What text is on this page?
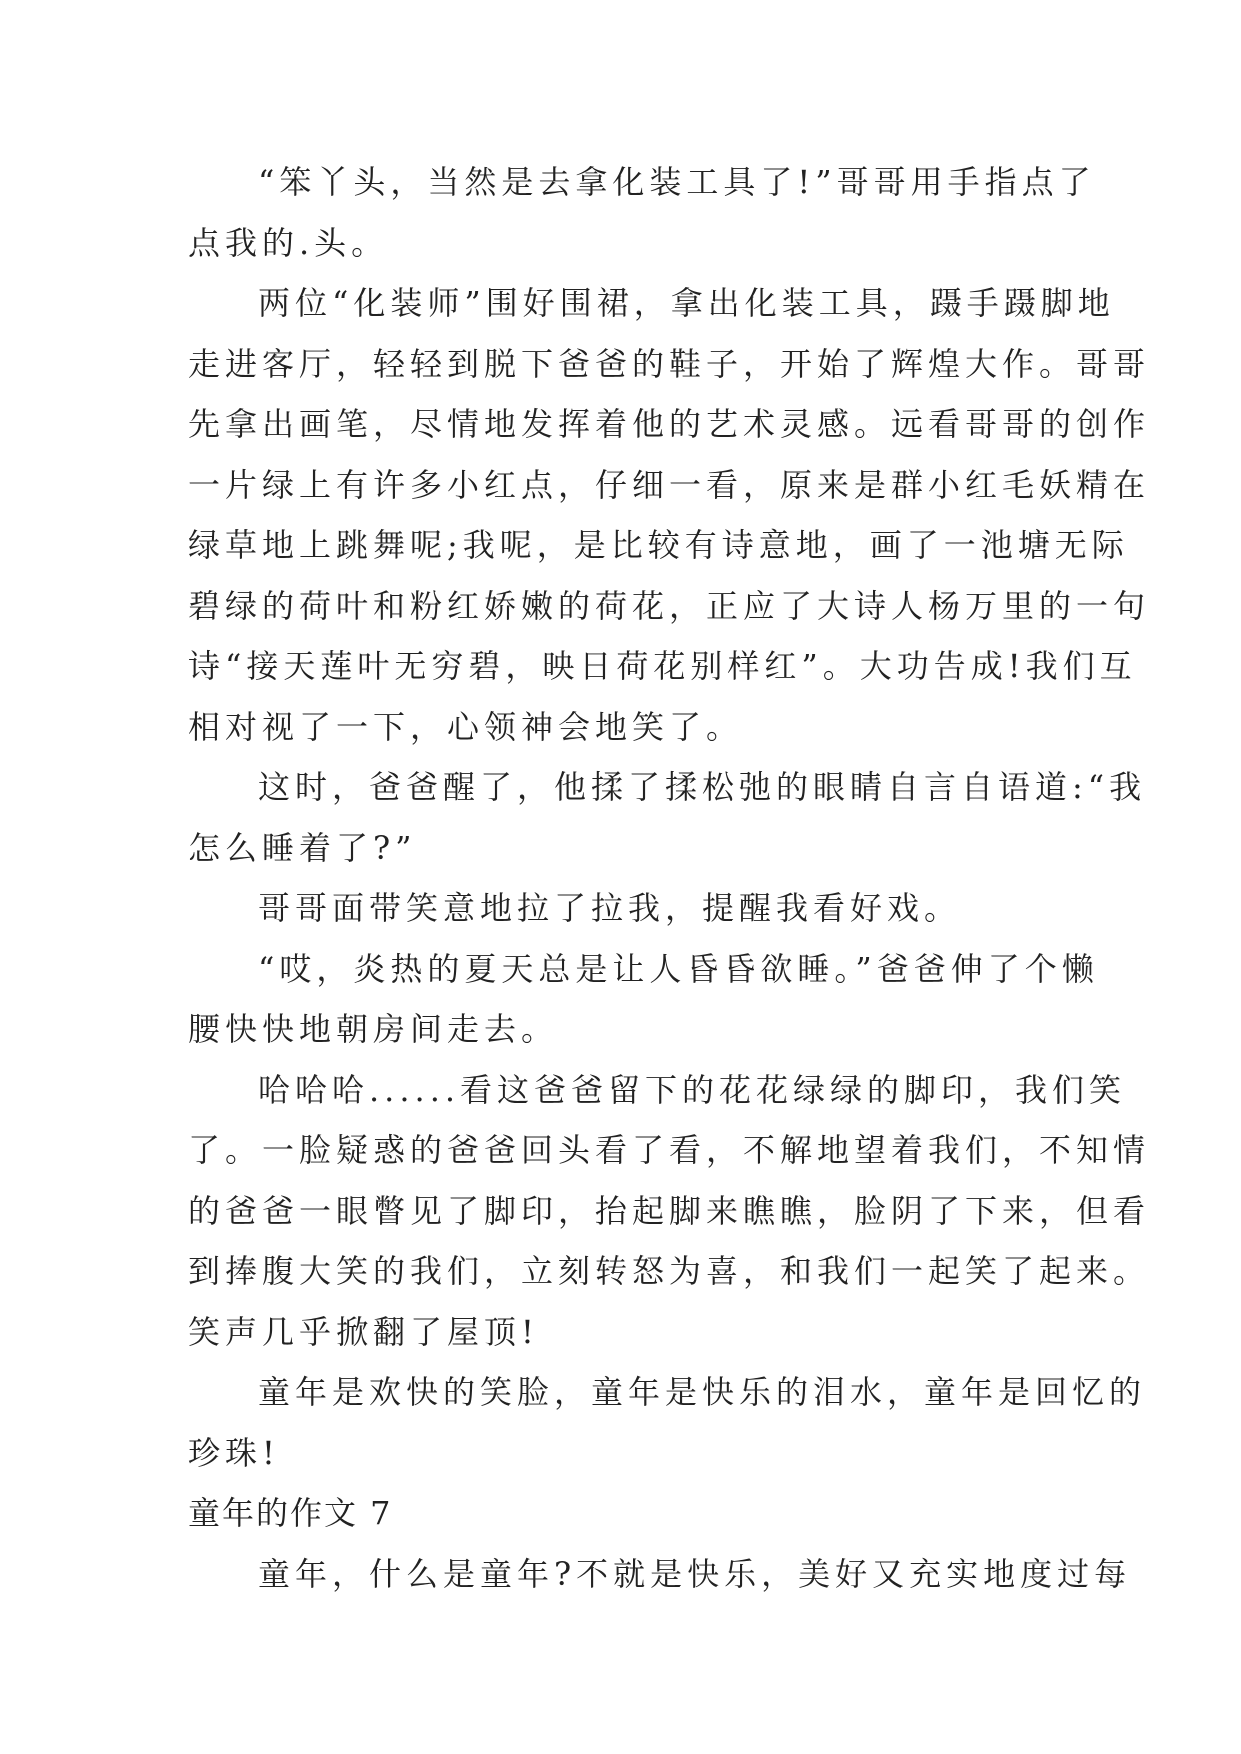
“笨丫头，当然是去拿化装工具了!”哥哥用手指点了
点我的.头。
两位“化装师”围好围裙，拿出化装工具，蹑手蹑脚地
走进客厅，轻轻到脱下爸爸的鞋子，开始了辉煌大作。哥哥
先拿出画笔，尽情地发挥着他的艺术灵感。远看哥哥的创作
一片绿上有许多小红点，仔细一看，原来是群小红毛妖精在
绿草地上跳舞呢;我呢，是比较有诗意地，画了一池塘无际
碧绿的荷叶和粉红娇嫩的荷花，正应了大诗人杨万里的一句
诗“接天莲叶无穷碧，映日荷花别样红”。大功告成!我们互
相对视了一下，心领神会地笑了。
这时，爸爸醒了，他揉了揉松弛的眼睛自言自语道:“我
怎么睡着了?”
哥哥面带笑意地拉了拉我，提醒我看好戏。
“哎，炎热的夏天总是让人昏昏欲睡。”爸爸伸了个懒
腰快快地朝房间走去。
哈哈哈......看这爸爸留下的花花绿绿的脚印，我们笑
了。一脸疑惑的爸爸回头看了看，不解地望着我们，不知情
的爸爸一眼瞥见了脚印，抬起脚来瞧瞧，脸阴了下来，但看
到捧腹大笑的我们，立刻转怒为喜，和我们一起笑了起来。
笑声几乎掀翻了屋顶!
童年是欢快的笑脸，童年是快乐的泪水，童年是回忆的
珍珠!
童年的作文 7
童年，什么是童年?不就是快乐，美好又充实地度过每
